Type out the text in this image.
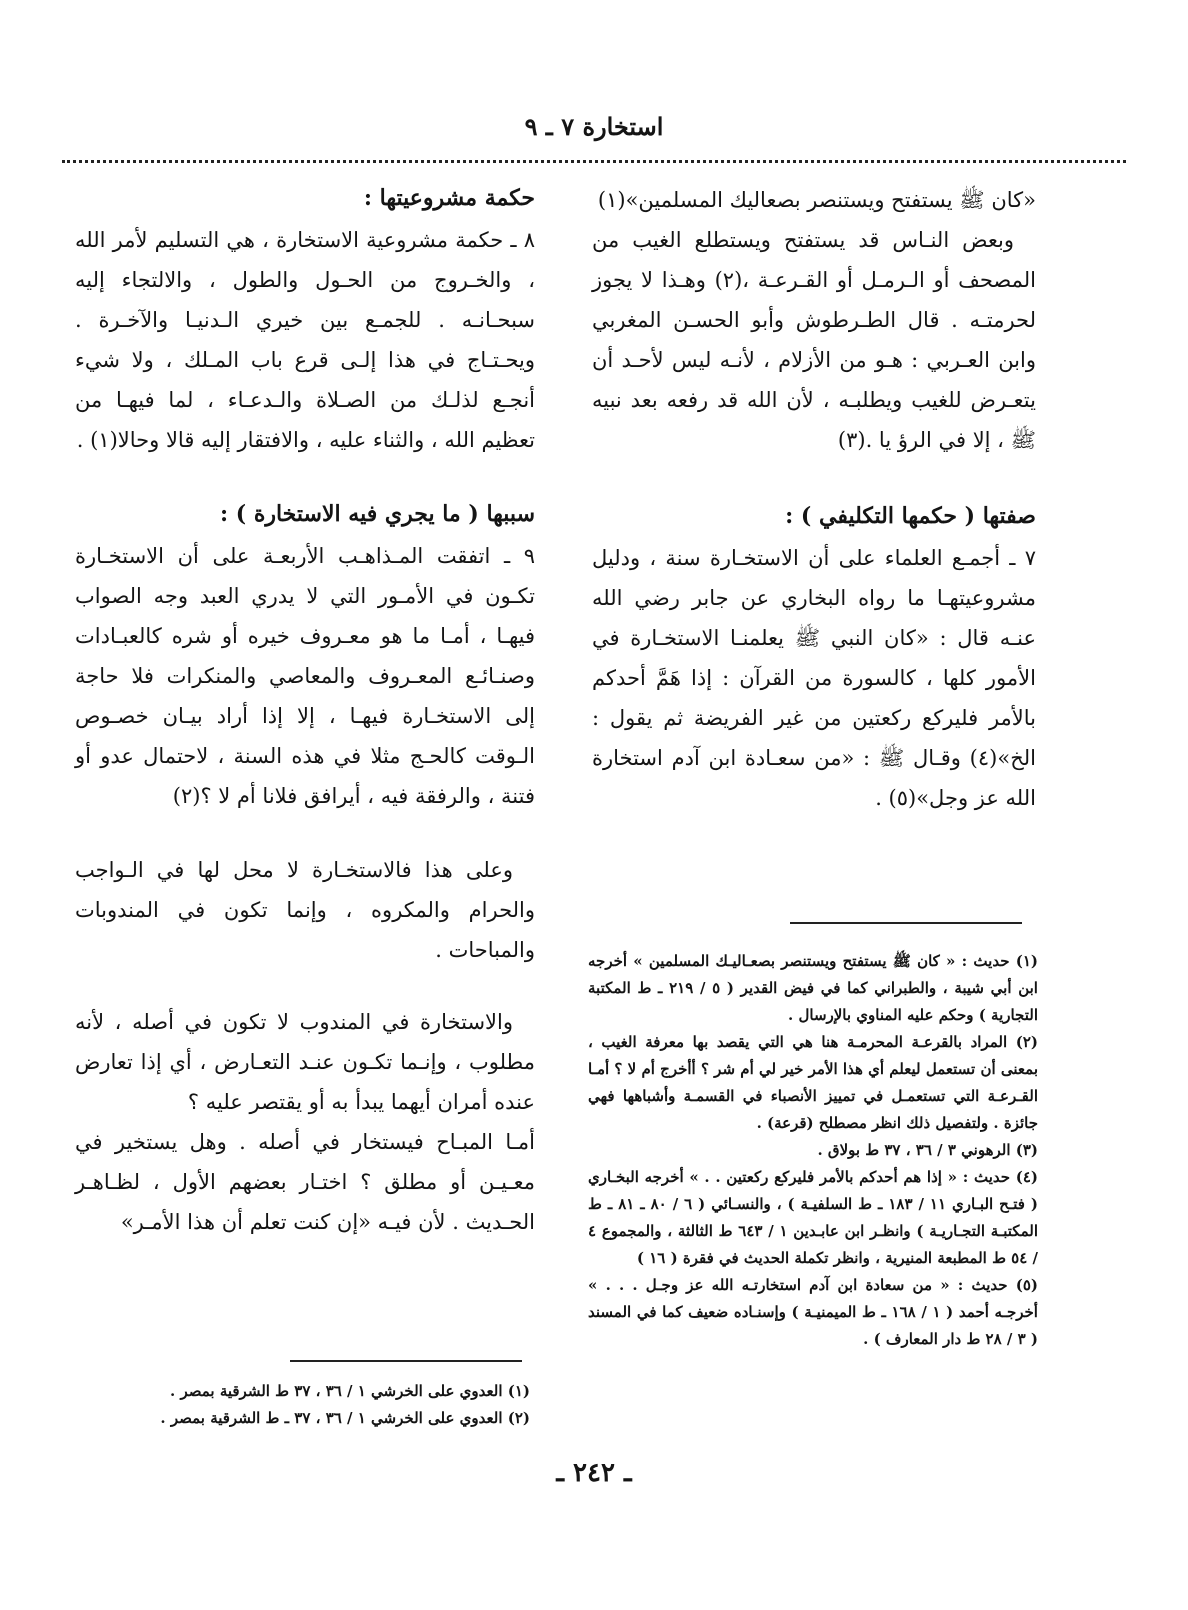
استخارة ٧ ـ ٩

«كان ﷺ يستفتح ويستنصر بصعاليك المسلمين»(١)

وبعض النـاس قد يستفتح ويستطلع الغيب من المصحف أو الـرمـل أو القـرعـة ،(٢) وهـذا لا يجوز لحرمتـه . قال الطـرطوش وأبو الحسـن المغربي وابن العـربي : هـو من الأزلام ، لأنـه ليس لأحـد أن يتعـرض للغيب ويطلبـه ، لأن الله قد رفعه بعد نبيه ﷺ ، إلا في الرؤ يا .(٣)

صفتها ( حكمها التكليفي ) :

٧ ـ أجمـع العلماء على أن الاستخـارة سنة ، ودليل مشروعيتهـا ما رواه البخاري عن جابر رضي الله عنـه قال : «كان النبي ﷺ يعلمنـا الاستخـارة في الأمور كلها ، كالسورة من القرآن : إذا هَمَّ أحدكم بالأمر فليركع ركعتين من غير الفريضة ثم يقول : الخ»(٤) وقـال ﷺ : «من سعـادة ابن آدم استخارة الله عز وجل»(٥) .

حكمة مشروعيتها :

٨ ـ حكمة مشروعية الاستخارة ، هي التسليم لأمر الله ، والخـروج من الحـول والطول ، والالتجاء إليه سبحـانـه . للجمـع بين خيري الـدنيـا والآخـرة . ويحـتـاج في هذا إلـى قرع باب المـلك ، ولا شيء أنجـع لذلـك من الصـلاة والـدعـاء ، لما فيهـا من تعظيم الله ، والثناء عليه ، والافتقار إليه قالا وحالا(١) .

سببها ( ما يجري فيه الاستخارة ) :

٩ ـ اتفقت المـذاهـب الأربعـة على أن الاستخـارة تكـون في الأمـور التي لا يدري العبد وجه الصواب فيهـا ، أمـا ما هو معـروف خيره أو شره كالعبـادات وصنـائـع المعـروف والمعاصي والمنكرات فلا حاجة إلى الاستخـارة فيهـا ، إلا إذا أراد بيـان خصـوص الـوقت كالحـج مثلا في هذه السنة ، لاحتمال عدو أو فتنة ، والرفقة فيه ، أيرافق فلانا أم لا ؟(٢)

وعلى هذا فالاستخـارة لا محل لها في الـواجب والحرام والمكروه ، وإنما تكون في المندوبات والمباحات .

والاستخارة في المندوب لا تكون في أصله ، لأنه مطلوب ، وإنـما تكـون عنـد التعـارض ، أي إذا تعارض عنده أمران أيهما يبدأ به أو يقتصر عليه ؟

أمـا المبـاح فيستخار في أصله . وهل يستخير في معـيـن أو مطلق ؟ اختـار بعضهم الأول ، لظـاهـر الحـديث . لأن فيـه «إن كنت تعلم أن هذا الأمـر»

(١) حديث : « كان ﷺ يستفتح ويستنصر بصعـاليـك المسلمين » أخرجه ابن أبي شيبة ، والطبراني كما في فيض القدير ( ٥ / ٢١٩ ـ ط المكتبة التجارية ) وحكم عليه المناوي بالإرسال .

(٢) المراد بالقرعـة المحرمـة هنا هي التي يقصد بها معرفة الغيب ، بمعنى أن تستعمل ليعلم أي هذا الأمر خير لي أم شر ؟ أأخرج أم لا ؟ أمـا القـرعـة التي تستعمـل في تمييز الأنصباء في القسمـة وأشباهها فهي جائزة . ولتفصيل ذلك انظر مصطلح (قرعة) .

(٣) الرهوني ٣ / ٣٦ ، ٣٧ ط بولاق .

(٤) حديث : « إذا هم أحدكم بالأمر فليركع ركعتين . . » أخرجه البخـاري ( فتـح البـاري ١١ / ١٨٣ ـ ط السلفيـة ) ، والنسـائي ( ٦ / ٨٠ ـ ٨١ ـ ط المكتبـة التجـاريـة ) وانظـر ابن عابـدين ١ / ٦٤٣ ط الثالثة ، والمجموع ٤ / ٥٤ ط المطبعة المنيرية ، وانظر تكملة الحديث في فقرة ( ١٦ )

(٥) حديث : « من سعادة ابن آدم استخارتـه الله عز وجـل . . . » أخرجـه أحمد ( ١ / ١٦٨ ـ ط الميمنيـة ) وإسنـاده ضعيف كما في المسند ( ٣ / ٢٨ ط دار المعارف ) .

(١) العدوي على الخرشي ١ / ٣٦ ، ٣٧ ط الشرقية بمصر .

(٢) العدوي على الخرشي ١ / ٣٦ ، ٣٧ ـ ط الشرقية بمصر .

ـ ٢٤٢ ـ
